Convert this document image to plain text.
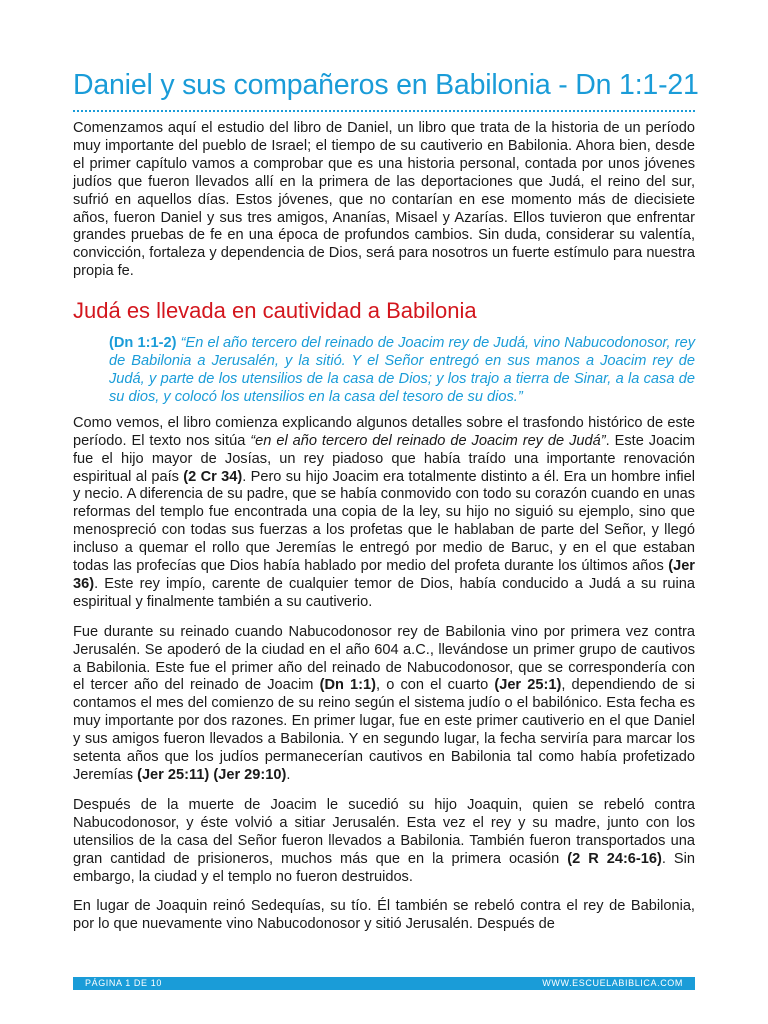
Daniel y sus compañeros en Babilonia - Dn 1:1-21

Comenzamos aquí el estudio del libro de Daniel, un libro que trata de la historia de un período muy importante del pueblo de Israel; el tiempo de su cautiverio en Babilonia. Ahora bien, desde el primer capítulo vamos a comprobar que es una historia personal, contada por unos jóvenes judíos que fueron llevados allí en la primera de las deportaciones que Judá, el reino del sur, sufrió en aquellos días. Estos jóvenes, que no contarían en ese momento más de diecisiete años, fueron Daniel y sus tres amigos, Ananías, Misael y Azarías. Ellos tuvieron que enfrentar grandes pruebas de fe en una época de profundos cambios. Sin duda, considerar su valentía, convicción, fortaleza y dependencia de Dios, será para nosotros un fuerte estímulo para nuestra propia fe.

Judá es llevada en cautividad a Babilonia

(Dn 1:1-2) “En el año tercero del reinado de Joacim rey de Judá, vino Nabucodonosor, rey de Babilonia a Jerusalén, y la sitió. Y el Señor entregó en sus manos a Joacim rey de Judá, y parte de los utensilios de la casa de Dios; y los trajo a tierra de Sinar, a la casa de su dios, y colocó los utensilios en la casa del tesoro de su dios.”

Como vemos, el libro comienza explicando algunos detalles sobre el trasfondo histórico de este período. El texto nos sitúa “en el año tercero del reinado de Joacim rey de Judá”. Este Joacim fue el hijo mayor de Josías, un rey piadoso que había traído una importante renovación espiritual al país (2 Cr 34). Pero su hijo Joacim era totalmente distinto a él. Era un hombre infiel y necio. A diferencia de su padre, que se había conmovido con todo su corazón cuando en unas reformas del templo fue encontrada una copia de la ley, su hijo no siguió su ejemplo, sino que menospreció con todas sus fuerzas a los profetas que le hablaban de parte del Señor, y llegó incluso a quemar el rollo que Jeremías le entregó por medio de Baruc, y en el que estaban todas las profecías que Dios había hablado por medio del profeta durante los últimos años (Jer 36). Este rey impío, carente de cualquier temor de Dios, había conducido a Judá a su ruina espiritual y finalmente también a su cautiverio.

Fue durante su reinado cuando Nabucodonosor rey de Babilonia vino por primera vez contra Jerusalén. Se apoderó de la ciudad en el año 604 a.C., llevándose un primer grupo de cautivos a Babilonia. Este fue el primer año del reinado de Nabucodonosor, que se correspondería con el tercer año del reinado de Joacim (Dn 1:1), o con el cuarto (Jer 25:1), dependiendo de si contamos el mes del comienzo de su reino según el sistema judío o el babilónico. Esta fecha es muy importante por dos razones. En primer lugar, fue en este primer cautiverio en el que Daniel y sus amigos fueron llevados a Babilonia. Y en segundo lugar, la fecha serviría para marcar los setenta años que los judíos permanecerían cautivos en Babilonia tal como había profetizado Jeremías (Jer 25:11) (Jer 29:10).

Después de la muerte de Joacim le sucedió su hijo Joaquin, quien se rebeló contra Nabucodonosor, y éste volvió a sitiar Jerusalén. Esta vez el rey y su madre, junto con los utensilios de la casa del Señor fueron llevados a Babilonia. También fueron transportados una gran cantidad de prisioneros, muchos más que en la primera ocasión (2 R 24:6-16). Sin embargo, la ciudad y el templo no fueron destruidos.

En lugar de Joaquin reinó Sedequías, su tío. Él también se rebeló contra el rey de Babilonia, por lo que nuevamente vino Nabucodonosor y sitió Jerusalén. Después de

PÁGINA 1 DE 10	WWW.ESCUELABIBLICA.COM
